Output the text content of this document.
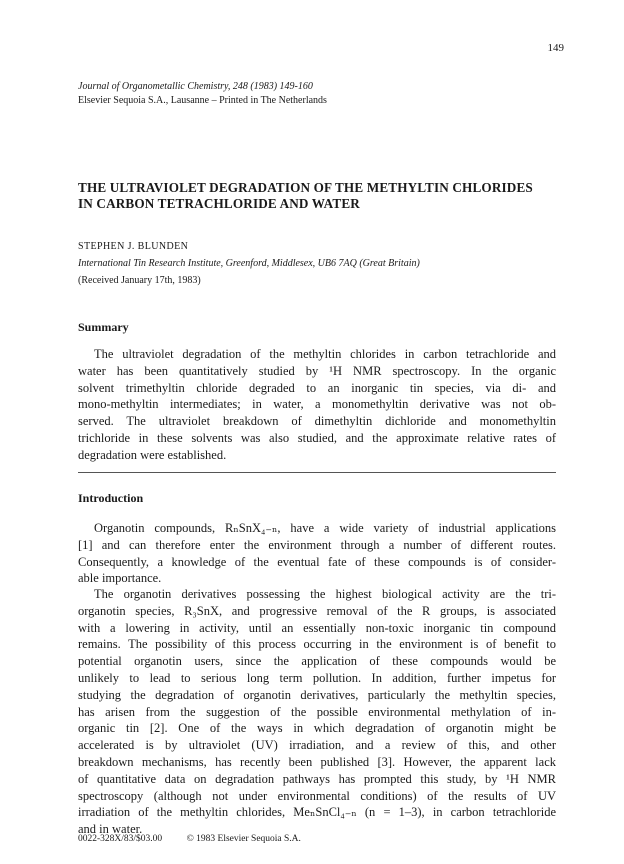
149
Journal of Organometallic Chemistry, 248 (1983) 149-160
Elsevier Sequoia S.A., Lausanne – Printed in The Netherlands
THE ULTRAVIOLET DEGRADATION OF THE METHYLTIN CHLORIDES
IN CARBON TETRACHLORIDE AND WATER
STEPHEN J. BLUNDEN
International Tin Research Institute, Greenford, Middlesex, UB6 7AQ (Great Britain)
(Received January 17th, 1983)
Summary
The ultraviolet degradation of the methyltin chlorides in carbon tetrachloride and
water has been quantitatively studied by ¹H NMR spectroscopy. In the organic
solvent trimethyltin chloride degraded to an inorganic tin species, via di- and
mono-methyltin intermediates; in water, a monomethyltin derivative was not ob-
served. The ultraviolet breakdown of dimethyltin dichloride and monomethyltin
trichloride in these solvents was also studied, and the approximate relative rates of
degradation were established.
Introduction
Organotin compounds, RₙSnX₄₋ₙ, have a wide variety of industrial applications
[1] and can therefore enter the environment through a number of different routes.
Consequently, a knowledge of the eventual fate of these compounds is of consider-
able importance.
The organotin derivatives possessing the highest biological activity are the tri-
organotin species, R₃SnX, and progressive removal of the R groups, is associated
with a lowering in activity, until an essentially non-toxic inorganic tin compound
remains. The possibility of this process occurring in the environment is of benefit to
potential organotin users, since the application of these compounds would be
unlikely to lead to serious long term pollution. In addition, further impetus for
studying the degradation of organotin derivatives, particularly the methyltin species,
has arisen from the suggestion of the possible environmental methylation of in-
organic tin [2]. One of the ways in which degradation of organotin might be
accelerated is by ultraviolet (UV) irradiation, and a review of this, and other
breakdown mechanisms, has recently been published [3]. However, the apparent lack
of quantitative data on degradation pathways has prompted this study, by ¹H NMR
spectroscopy (although not under environmental conditions) of the results of UV
irradiation of the methyltin chlorides, MeₙSnCl₄₋ₙ (n = 1–3), in carbon tetrachloride
and in water.
0022-328X/83/$03.00	© 1983 Elsevier Sequoia S.A.
